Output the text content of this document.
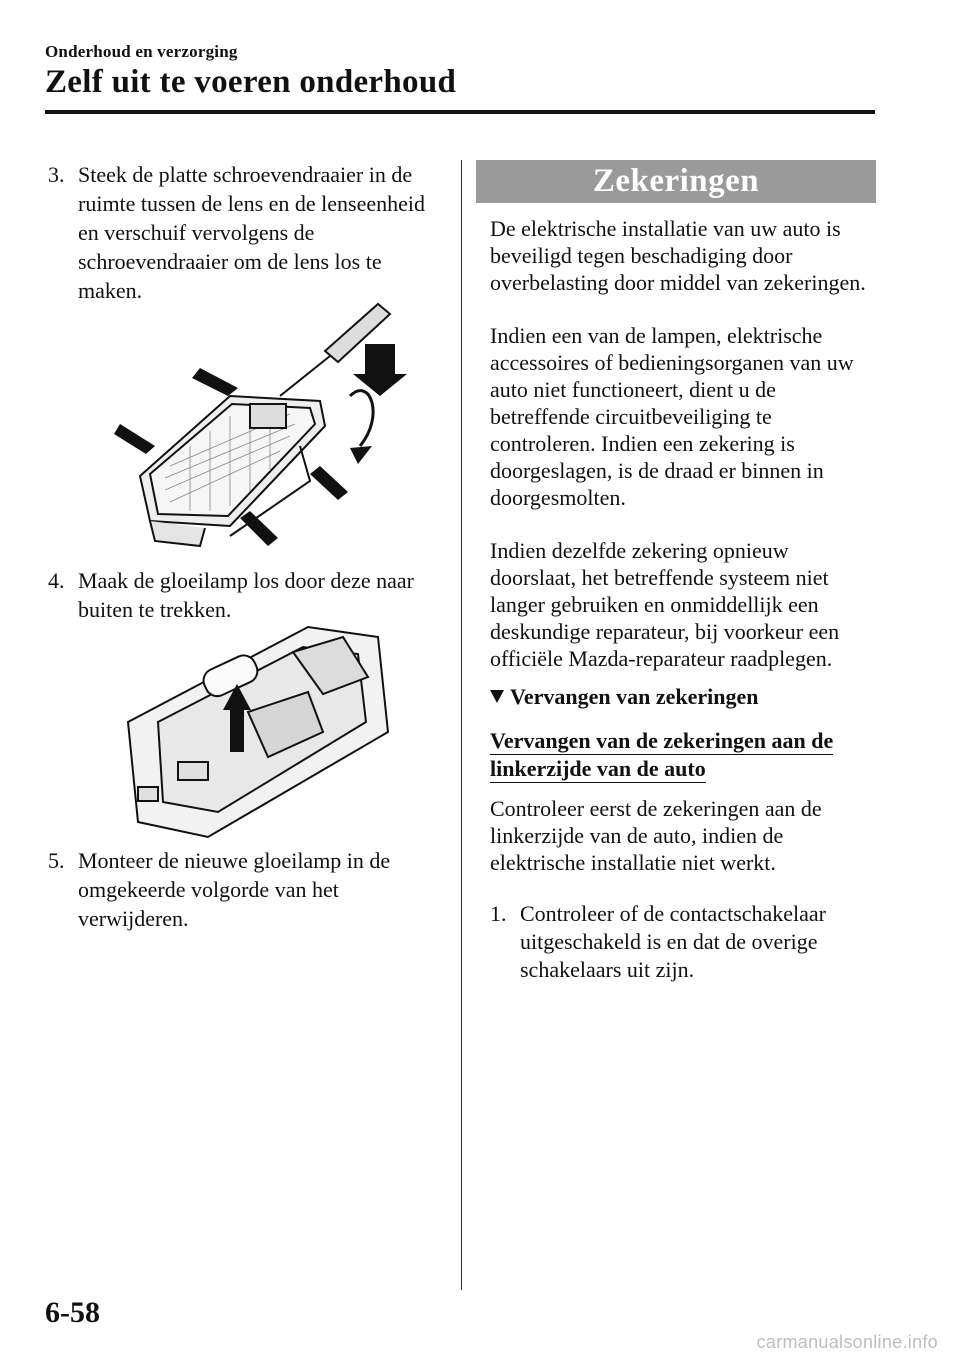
Onderhoud en verzorging
Zelf uit te voeren onderhoud
3. Steek de platte schroevendraaier in de ruimte tussen de lens en de lenseenheid en verschuif vervolgens de schroevendraaier om de lens los te maken.
4. Maak de gloeilamp los door deze naar buiten te trekken.
5. Monteer de nieuwe gloeilamp in de omgekeerde volgorde van het verwijderen.
Zekeringen
De elektrische installatie van uw auto is beveiligd tegen beschadiging door overbelasting door middel van zekeringen.
Indien een van de lampen, elektrische accessoires of bedieningsorganen van uw auto niet functioneert, dient u de betreffende circuitbeveiliging te controleren. Indien een zekering is doorgeslagen, is de draad er binnen in doorgesmolten.
Indien dezelfde zekering opnieuw doorslaat, het betreffende systeem niet langer gebruiken en onmiddellijk een deskundige reparateur, bij voorkeur een officiële Mazda-reparateur raadplegen.
Vervangen van zekeringen
Vervangen van de zekeringen aan de
linkerzijde van de auto
Controleer eerst de zekeringen aan de linkerzijde van de auto, indien de elektrische installatie niet werkt.
1. Controleer of de contactschakelaar uitgeschakeld is en dat de overige schakelaars uit zijn.
6-58
carmanualsonline.info
